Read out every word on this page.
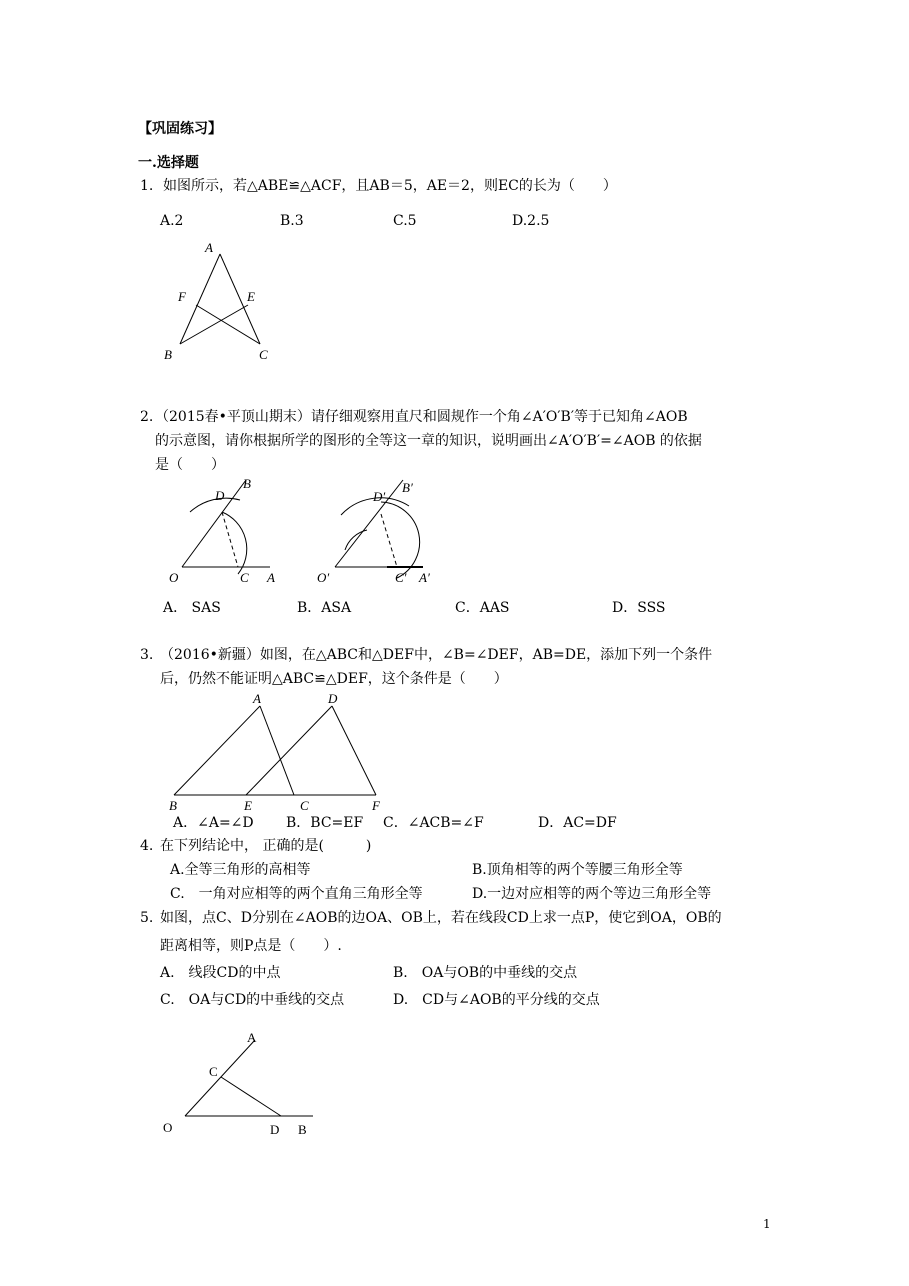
【巩固练习】
一.选择题
1. 如图所示，若△ABE≌△ACF，且AB＝5，AE＝2，则EC的长为（　　）
A.2	B.3	C.5	D.2.5
A
F	E
B	C
2. （2015春•平顶山期末）请仔细观察用直尺和圆规作一个角∠A′O′B′等于已知角∠AOB
的示意图，请你根据所学的图形的全等这一章的知识，说明画出∠A′O′B′=∠AOB 的依据
是（　　）
D
B
O	C A
D′
B′
O′	C′ A′
A． SAS	B．ASA	C．AAS	D．SSS
3. （2016•新疆）如图，在△ABC和△DEF中，∠B=∠DEF，AB=DE，添加下列一个条件
后，仍然不能证明△ABC≌△DEF，这个条件是（　　）
A	D
B	E	C	F
A．∠A=∠D B．BC=EF C．∠ACB=∠F	D．AC=DF
4. 在下列结论中， 正确的是(　　　)
A.全等三角形的高相等	B.顶角相等的两个等腰三角形全等
C.　一角对应相等的两个直角三角形全等	D.一边对应相等的两个等边三角形全等
5. 如图，点C、D分别在∠AOB的边OA、OB上，若在线段CD上求一点P，使它到OA，OB的
距离相等，则P点是（　　）.
A.　线段CD的中点	B.　OA与OB的中垂线的交点
C.　OA与CD的中垂线的交点	D.　CD与∠AOB的平分线的交点
A
C
O	D B
1
